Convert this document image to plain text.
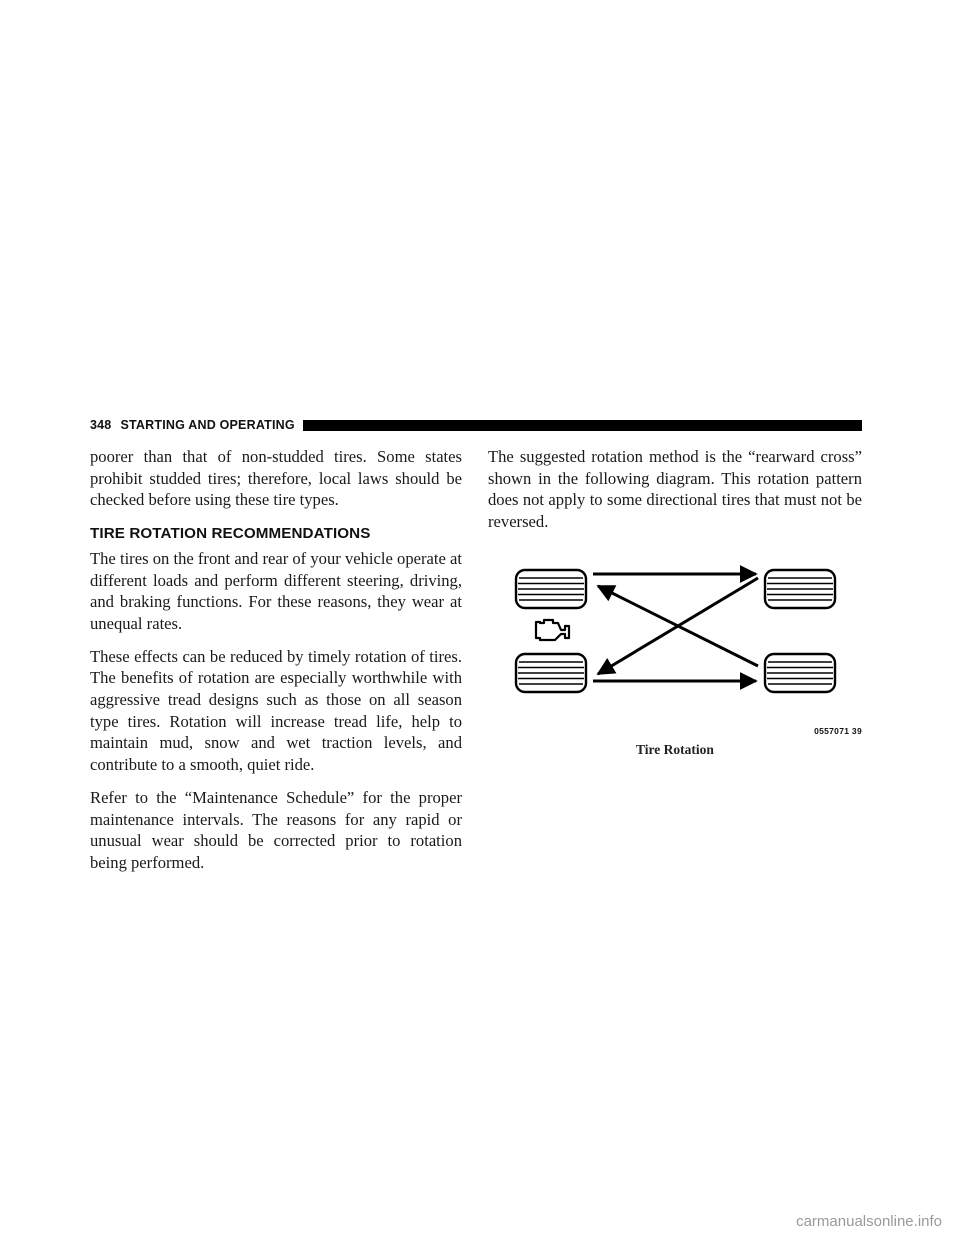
348 STARTING AND OPERATING

poorer than that of non-studded tires. Some states prohibit studded tires; therefore, local laws should be checked before using these tire types.

TIRE ROTATION RECOMMENDATIONS

The tires on the front and rear of your vehicle operate at different loads and perform different steering, driving, and braking functions. For these reasons, they wear at unequal rates.

These effects can be reduced by timely rotation of tires. The benefits of rotation are especially worthwhile with aggressive tread designs such as those on all season type tires. Rotation will increase tread life, help to maintain mud, snow and wet traction levels, and contribute to a smooth, quiet ride.

Refer to the “Maintenance Schedule” for the proper maintenance intervals. The reasons for any rapid or unusual wear should be corrected prior to rotation being performed.

The suggested rotation method is the “rearward cross” shown in the following diagram. This rotation pattern does not apply to some directional tires that must not be reversed.

0557071 39
Tire Rotation
carmanualsonline.info
